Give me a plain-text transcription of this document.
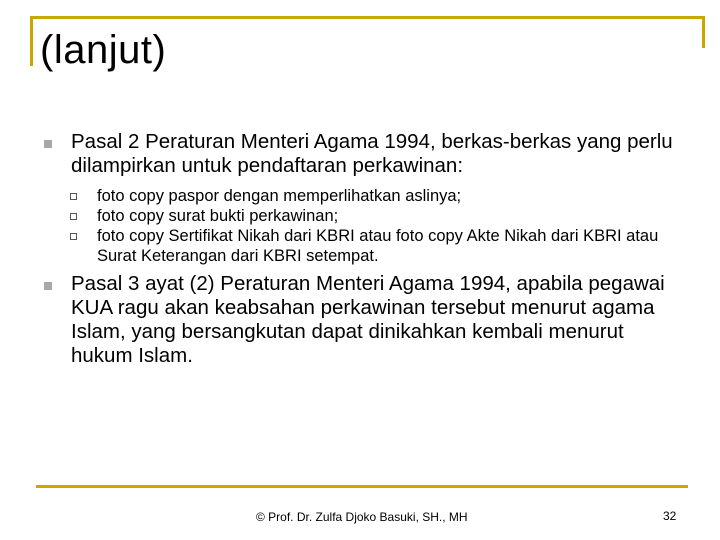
(lanjut)
Pasal 2 Peraturan Menteri Agama 1994, berkas-berkas yang perlu dilampirkan untuk pendaftaran perkawinan:
foto copy paspor dengan memperlihatkan aslinya;
foto copy surat bukti perkawinan;
foto copy Sertifikat Nikah dari KBRI atau foto copy Akte Nikah dari KBRI atau Surat Keterangan dari KBRI setempat.
Pasal 3 ayat (2) Peraturan Menteri Agama 1994, apabila pegawai KUA ragu akan keabsahan perkawinan tersebut menurut agama Islam, yang bersangkutan dapat dinikahkan kembali menurut hukum Islam.
© Prof. Dr. Zulfa Djoko Basuki, SH., MH	32
